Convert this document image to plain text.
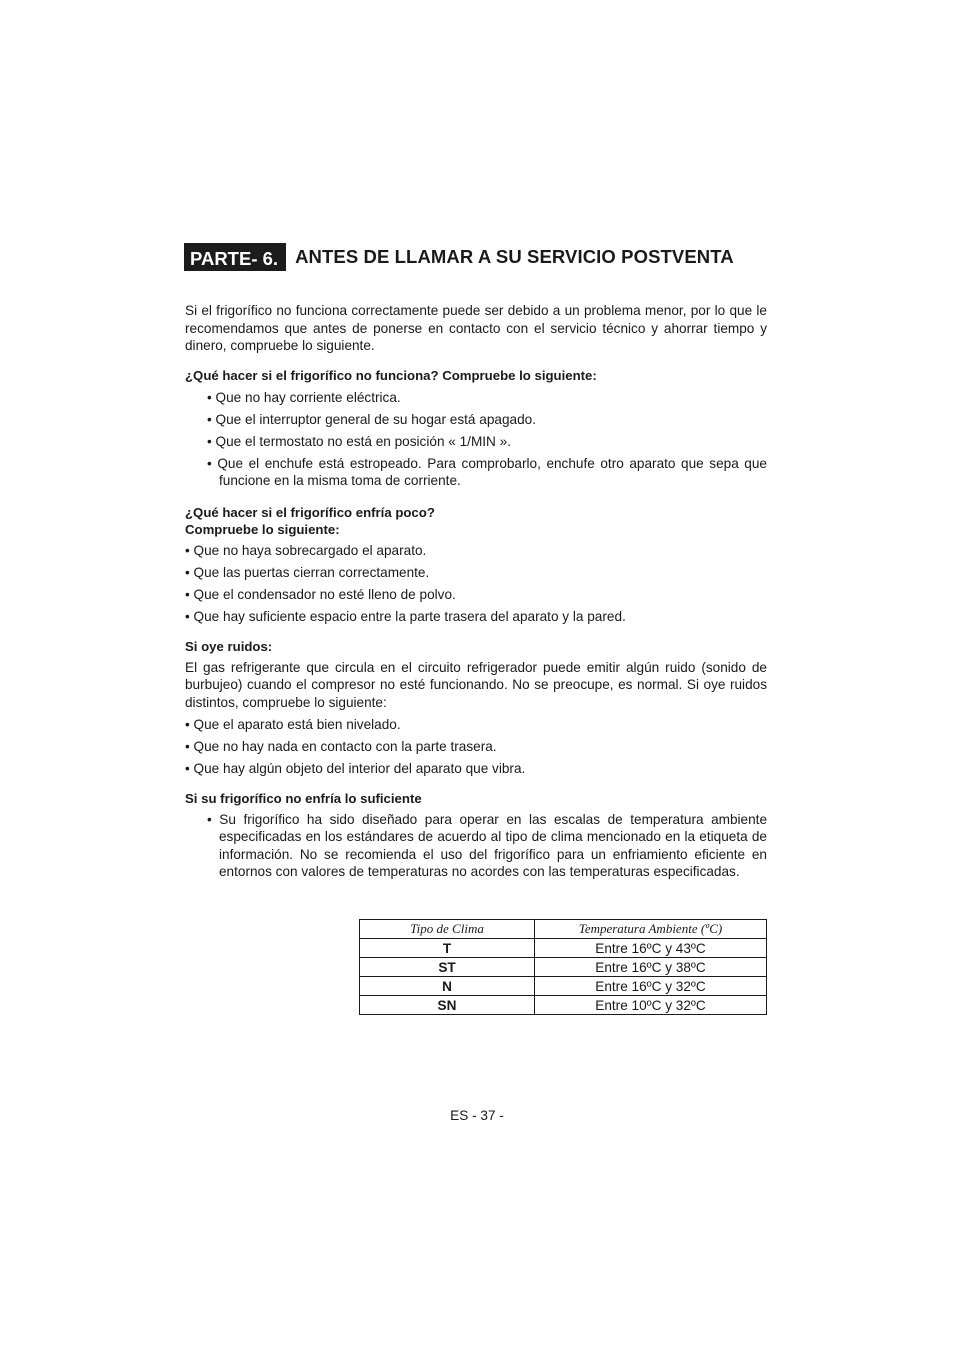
PARTE- 6. ANTES DE LLAMAR A SU SERVICIO POSTVENTA

Si el frigorífico no funciona correctamente puede ser debido a un problema menor, por lo que le recomendamos que antes de ponerse en contacto con el servicio técnico y ahorrar tiempo y dinero, compruebe lo siguiente.

¿Qué hacer si el frigorífico no funciona? Compruebe lo siguiente:
• Que no hay corriente eléctrica.
• Que el interruptor general de su hogar está apagado.
• Que el termostato no está en posición « 1/MIN ».
• Que el enchufe está estropeado. Para comprobarlo, enchufe otro aparato que sepa que funcione en la misma toma de corriente.
¿Qué hacer si el frigorífico enfría poco?
Compruebe lo siguiente:
• Que no haya sobrecargado el aparato.
• Que las puertas cierran correctamente.
• Que el condensador no esté lleno de polvo.
• Que hay suficiente espacio entre la parte trasera del aparato y la pared.
Si oye ruidos:

El gas refrigerante que circula en el circuito refrigerador puede emitir algún ruido (sonido de burbujeo) cuando el compresor no esté funcionando. No se preocupe, es normal. Si oye ruidos distintos, compruebe lo siguiente:

• Que el aparato está bien nivelado.
• Que no hay nada en contacto con la parte trasera.
• Que hay algún objeto del interior del aparato que vibra.
Si su frigorífico no enfría lo suficiente
• Su frigorífico ha sido diseñado para operar en las escalas de temperatura ambiente especificadas en los estándares de acuerdo al tipo de clima mencionado en la etiqueta de información. No se recomienda el uso del frigorífico para un enfriamiento eficiente en entornos con valores de temperaturas no acordes con las temperaturas especificadas.
Tipo de Clima	Temperatura Ambiente (ºC)
T	Entre 16ºC y 43ºC
ST	Entre 16ºC y 38ºC
N	Entre 16ºC y 32ºC
SN	Entre 10ºC y 32ºC
ES - 37 -
